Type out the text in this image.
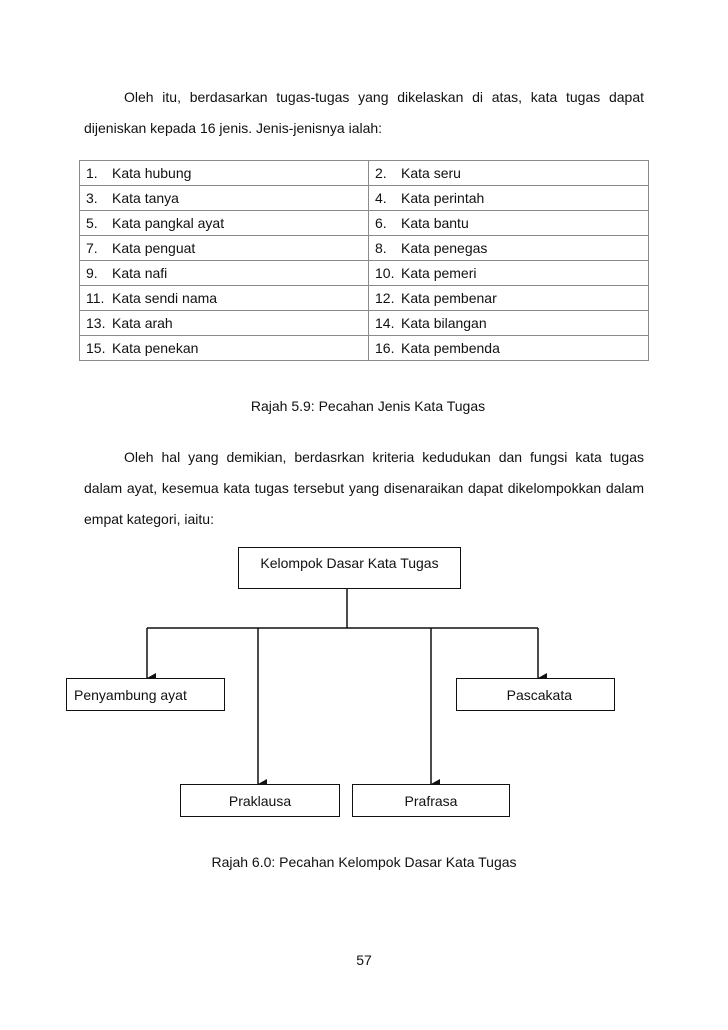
Oleh itu, berdasarkan tugas-tugas yang dikelaskan di atas, kata tugas dapat dijeniskan kepada 16 jenis. Jenis-jenisnya ialah:

1. Kata hubung	2. Kata seru
3. Kata tanya	4. Kata perintah
5. Kata pangkal ayat	6. Kata bantu
7. Kata penguat	8. Kata penegas
9. Kata nafi	10. Kata pemeri
11. Kata sendi nama	12. Kata pembenar
13. Kata arah	14. Kata bilangan
15. Kata penekan	16. Kata pembenda

Rajah 5.9: Pecahan Jenis Kata Tugas

Oleh hal yang demikian, berdasrkan kriteria kedudukan dan fungsi kata tugas dalam ayat, kesemua kata tugas tersebut yang disenaraikan dapat dikelompokkan dalam empat kategori, iaitu:

Kelompok Dasar Kata Tugas
Penyambung ayat	Pascakata
Praklausa	Prafrasa

Rajah 6.0: Pecahan Kelompok Dasar Kata Tugas

57
